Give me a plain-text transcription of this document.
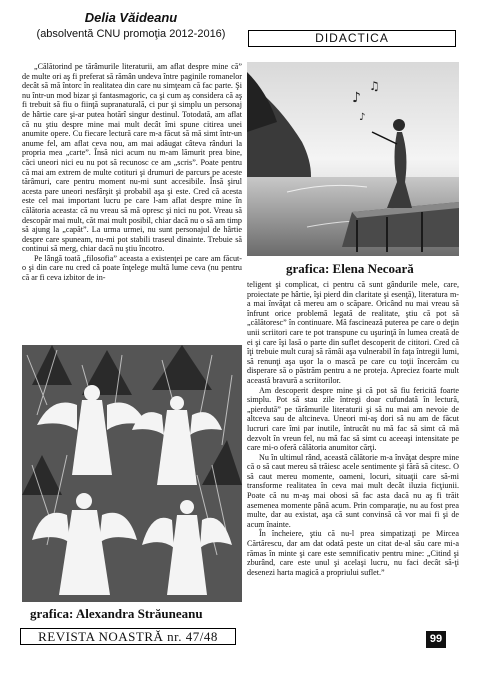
Delia Văideanu
(absolventă CNU promoţia 2012-2016)	DIDACTICA

„Călătorind pe tărâmurile literaturii, am aflat despre mine că” de multe ori aş fi preferat să rămân undeva între paginile romanelor decât să mă întorc în realitatea din care nu simţeam că fac parte. Şi nu într-un mod bizar şi fantasmagoric, ca şi cum aş considera că aş fi trebuit să fiu o fiinţă supranaturală, ci pur şi simplu un personaj de hârtie care şi-ar putea hotărî singur destinul. Totodată, am aflat că nu ştiu despre mine mai mult decât îmi spune citirea unei anumite opere. Cu fiecare lectură care m-a făcut să mă simt într-un anume fel, am aflat ceva nou, am mai adăugat câteva rânduri la propria mea „carte”. Însă nici acum nu m-am lămurit prea bine, căci uneori nici eu nu pot să recunosc ce am „scris”. Poate pentru că mai am extrem de multe cotituri şi drumuri de parcurs pe aceste tărâmuri, care pentru moment nu-mi sunt accesibile. Însă şirul acesta pare uneori nesfârşit şi probabil aşa şi este. Cred că acesta este cel mai important lucru pe care l-am aflat despre mine în călătoria aceasta: că nu vreau să mă opresc şi nici nu pot. Vreau să descopăr mai mult, căt mai mult posibil, chiar dacă nu o să am timp să ajung la „capăt”. La urma urmei, nu sunt personajul de hârtie despre care spuneam, nu-mi pot stabili traseul dinainte. Trebuie să continui să merg, chiar dacă nu ştiu încotro.

Pe lângă toată „filosofia” aceasta a existenţei pe care am făcut-o şi din care nu cred că poate înţelege multă lume ceva (nu pentru că ar fi ceva izbitor de in-

♪
♫
♪
grafica: Elena Necoară

teligent şi complicat, ci pentru că sunt gândurile mele, care, proiectate pe hârtie, îşi pierd din claritate şi esenţă), literatura m-a mai învăţat că mereu am o scăpare. Oricând nu mai vreau să înfrunt orice problemă legată de realitate, ştiu că pot să „călătoresc” în continuare. Mă fascinează puterea pe care o deţin unii scriitori care te pot transpune cu uşurinţă în lumea creată de ei şi care îşi lasă o parte din suflet descoperit de cititori. Cred că îţi trebuie mult curaj să rămâi aşa vulnerabil în faţa întregii lumi, să renunţi aşa uşor la o mască pe care cu toţii încercăm cu disperare să o păstrăm pentru a ne proteja. Apreciez foarte mult aceastã bravură a scriitorilor.

Am descoperit despre mine şi că pot să fiu fericită foarte simplu. Pot să stau zile întregi doar cufundată în lectură, „pierdută” pe tărâmurile literaturii şi să nu mai am nevoie de altceva sau de altcineva. Uneori mi-aş dori să nu am de făcut lucruri care îmi par inutile, întrucât nu mă fac să simt că mă dezvolt în vreun fel, nu mă fac să simt cu aceeaşi intensitate pe care mi-o oferă călătoria anumitor cărţi.

Nu în ultimul rând, această călătorie m-a învăţat despre mine că o să caut mereu să trăiesc acele sentimente şi fără să citesc. O să caut mereu momente, oameni, locuri, situaţii care să-mi transforme realitatea în ceva mai mult decât iluzia ficţiunii. Poate că nu m-aş mai obosi să fac asta dacă nu aş fi trăit asemenea momente până acum. Prin comparaţie, nu au fost prea multe, dar au existat, aşa că sunt convinsă că vor mai fi şi de acum înainte.

În încheiere, ştiu că nu-l prea simpatizaţi pe Mircea Cărtărescu, dar am dat odată peste un citat de-al său care mi-a rămas în minte şi care este semnificativ pentru mine: „Citind şi zburând, care este unul şi acelaşi lucru, nu faci decât să-ţi desenezi harta magică a propriului suflet.”

grafica: Alexandra Străuneanu
REVISTA NOASTRĂ nr. 47/48	99
